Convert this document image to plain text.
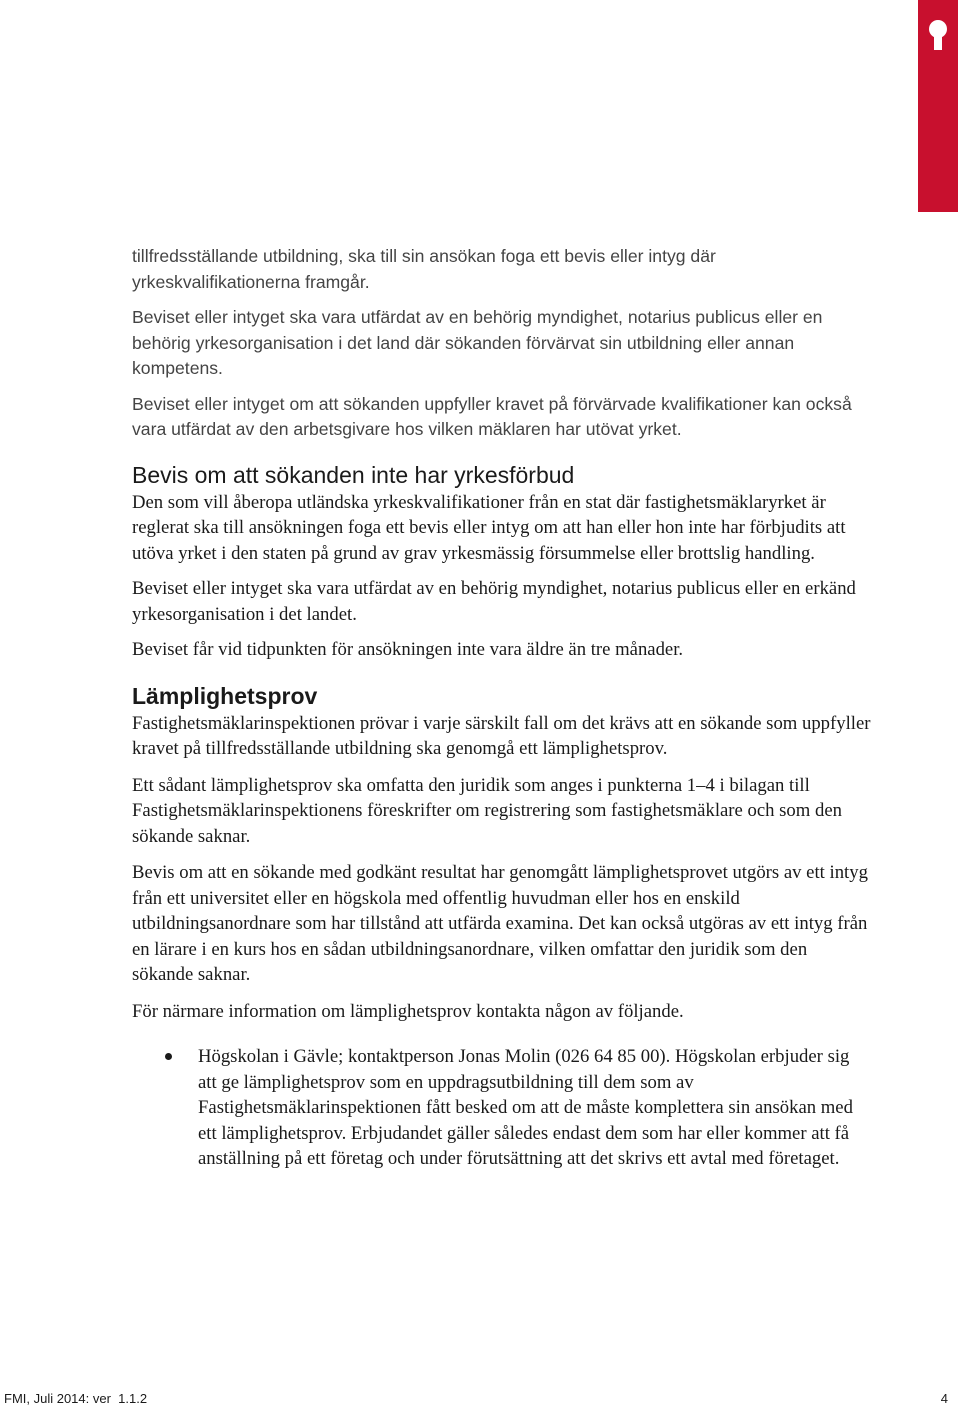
tillfredsställande utbildning, ska till sin ansökan foga ett bevis eller intyg där yrkeskvalifikationerna framgår.

Beviset eller intyget ska vara utfärdat av en behörig myndighet, notarius publicus eller en behörig yrkesorganisation i det land där sökanden förvärvat sin utbildning eller annan kompetens.

Beviset eller intyget om att sökanden uppfyller kravet på förvärvade kvalifikationer kan också vara utfärdat av den arbetsgivare hos vilken mäklaren har utövat yrket.

Bevis om att sökanden inte har yrkesförbud

Den som vill åberopa utländska yrkeskvalifikationer från en stat där fastighetsmäklaryrket är reglerat ska till ansökningen foga ett bevis eller intyg om att han eller hon inte har förbjudits att utöva yrket i den staten på grund av grav yrkesmässig försummelse eller brottslig handling.

Beviset eller intyget ska vara utfärdat av en behörig myndighet, notarius publicus eller en erkänd yrkesorganisation i det landet.

Beviset får vid tidpunkten för ansökningen inte vara äldre än tre månader.

Lämplighetsprov

Fastighetsmäklarinspektionen prövar i varje särskilt fall om det krävs att en sökande som uppfyller kravet på tillfredsställande utbildning ska genomgå ett lämplighetsprov.

Ett sådant lämplighetsprov ska omfatta den juridik som anges i punkterna 1–4 i bilagan till Fastighetsmäklarinspektionens föreskrifter om registrering som fastighetsmäklare och som den sökande saknar.

Bevis om att en sökande med godkänt resultat har genomgått lämplighetsprovet utgörs av ett intyg från ett universitet eller en högskola med offentlig huvudman eller hos en enskild utbildningsanordnare som har tillstånd att utfärda examina. Det kan också utgöras av ett intyg från en lärare i en kurs hos en sådan utbildningsanordnare, vilken omfattar den juridik som den sökande saknar.

För närmare information om lämplighetsprov kontakta någon av följande.

Högskolan i Gävle; kontaktperson Jonas Molin (026 64 85 00). Högskolan erbjuder sig att ge lämplighetsprov som en uppdragsutbildning till dem som av Fastighetsmäklarinspektionen fått besked om att de måste komplettera sin ansökan med ett lämplighetsprov. Erbjudandet gäller således endast dem som har eller kommer att få anställning på ett företag och under förutsättning att det skrivs ett avtal med företaget.
FMI, Juli 2014: ver  1.1.2	4
